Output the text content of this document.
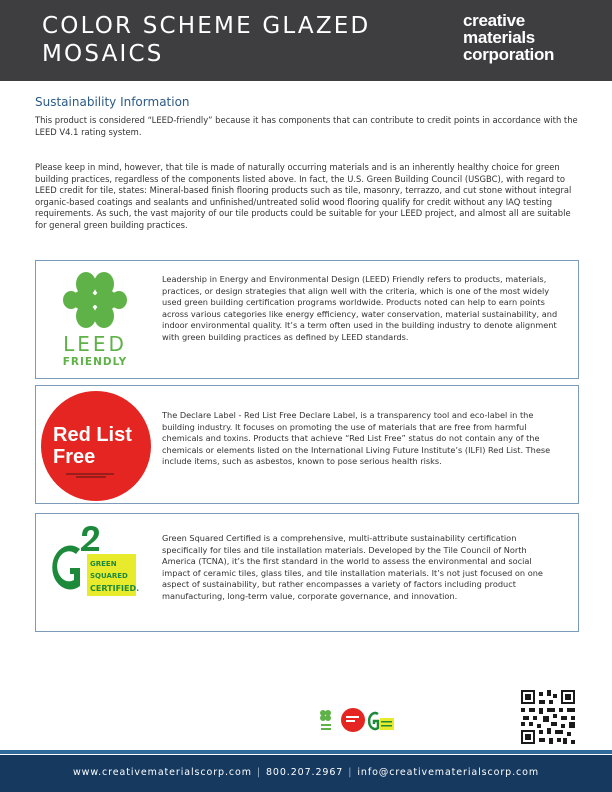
COLOR SCHEME GLAZED
MOSAICS
creative
materials
corporation
Sustainability Information

This product is considered “LEED-friendly” because it has components that can contribute to credit points in accordance with the LEED V4.1 rating system.

Please keep in mind, however, that tile is made of naturally occurring materials and is an inherently healthy choice for green building practices, regardless of the components listed above. In fact, the U.S. Green Building Council (USGBC), with regard to LEED credit for tile, states: Mineral-based finish flooring products such as tile, masonry, terrazzo, and cut stone without integral organic-based coatings and sealants and unfinished/untreated solid wood flooring qualify for credit without any IAQ testing requirements. As such, the vast majority of our tile products could be suitable for your LEED project, and almost all are suitable for general green building practices.

LEED
FRIENDLY

Leadership in Energy and Environmental Design (LEED) Friendly refers to products, materials, practices, or design strategies that align well with the criteria, which is one of the most widely used green building certification programs worldwide. Products noted can help to earn points across various categories like energy efficiency, water conservation, material sustainability, and indoor environmental quality. It’s a term often used in the building industry to denote alignment with green building practices as defined by LEED standards.

Red List
Free

The Declare Label - Red List Free Declare Label, is a transparency tool and eco-label in the building industry. It focuses on promoting the use of materials that are free from harmful chemicals and toxins. Products that achieve “Red List Free” status do not contain any of the chemicals or elements listed on the International Living Future Institute’s (ILFI) Red List. These include items, such as asbestos, known to pose serious health risks.

GREEN
SQUARED
CERTIFIED.

Green Squared Certified is a comprehensive, multi-attribute sustainability certification specifically for tiles and tile installation materials. Developed by the Tile Council of North America (TCNA), it’s the first standard in the world to assess the environmental and social impact of ceramic tiles, glass tiles, and tile installation materials. It’s not just focused on one aspect of sustainability, but rather encompasses a variety of factors including product manufacturing, long-term value, corporate governance, and innovation.

www.creativematerialscorp.com | 800.207.2967 | info@creativematerialscorp.com
